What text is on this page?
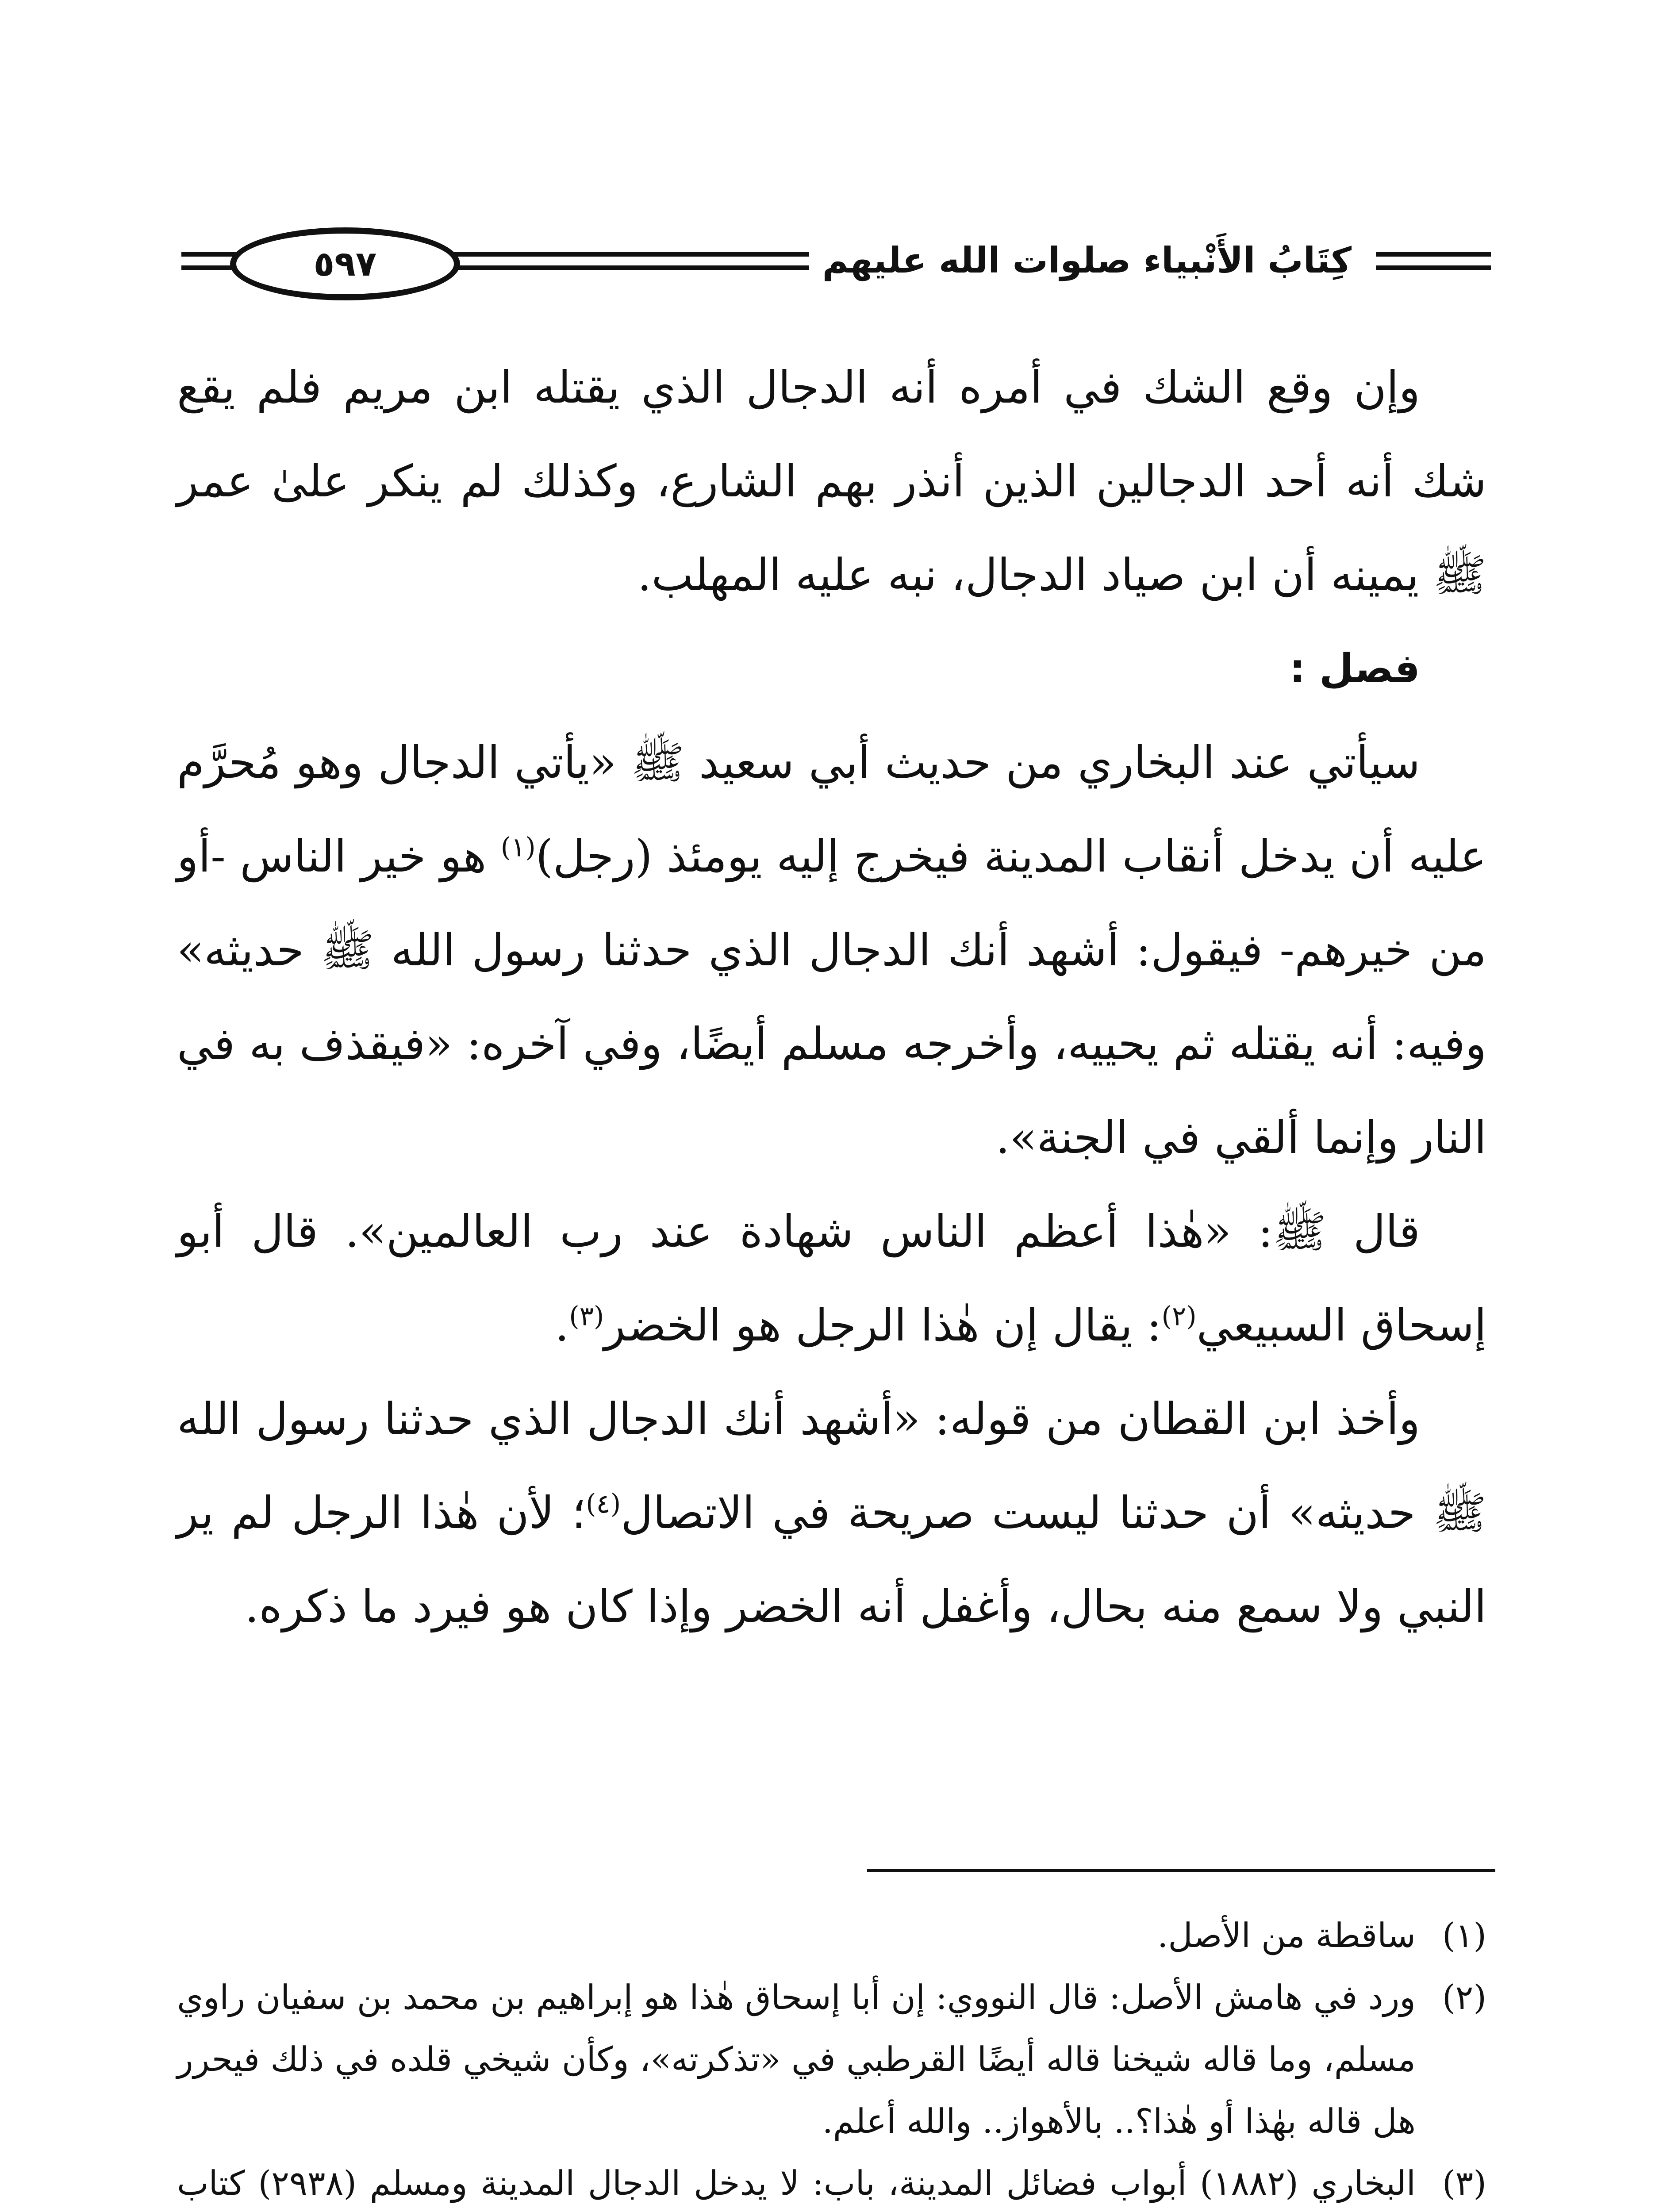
٥٩٧	كِتَابُ الأَنْبياء صلوات الله عليهم

وإن وقع الشك في أمره أنه الدجال الذي يقتله ابن مريم فلم يقع شك أنه أحد الدجالين الذين أنذر بهم الشارع، وكذلك لم ينكر علىٰ عمر ﷺ يمينه أن ابن صياد الدجال، نبه عليه المهلب.

فصل :

سيأتي عند البخاري من حديث أبي سعيد ﷺ «يأتي الدجال وهو مُحرَّم عليه أن يدخل أنقاب المدينة فيخرج إليه يومئذ (رجل)$^{(١)}$ هو خير الناس -أو من خيرهم- فيقول: أشهد أنك الدجال الذي حدثنا رسول الله ﷺ حديثه» وفيه: أنه يقتله ثم يحييه، وأخرجه مسلم أيضًا، وفي آخره: «فيقذف به في النار وإنما ألقي في الجنة».

قال ﷺ: «هٰذا أعظم الناس شهادة عند رب العالمين». قال أبو إسحاق السبيعي$^{(٢)}$: يقال إن هٰذا الرجل هو الخضر$^{(٣)}$.

وأخذ ابن القطان من قوله: «أشهد أنك الدجال الذي حدثنا رسول الله ﷺ حديثه» أن حدثنا ليست صريحة في الاتصال$^{(٤)}$؛ لأن هٰذا الرجل لم ير النبي ولا سمع منه بحال، وأغفل أنه الخضر وإذا كان هو فيرد ما ذكره.

(١)
ساقطة من الأصل.
(٢)
ورد في هامش الأصل: قال النووي: إن أبا إسحاق هٰذا هو إبراهيم بن محمد بن سفيان راوي مسلم، وما قاله شيخنا قاله أيضًا القرطبي في «تذكرته»، وكأن شيخي قلده في ذلك فيحرر هل قاله بهٰذا أو هٰذا؟.. بالأهواز.. والله أعلم.
(٣)
البخاري (١٨٨٢) أبواب فضائل المدينة، باب: لا يدخل الدجال المدينة ومسلم (٢٩٣٨) كتاب
